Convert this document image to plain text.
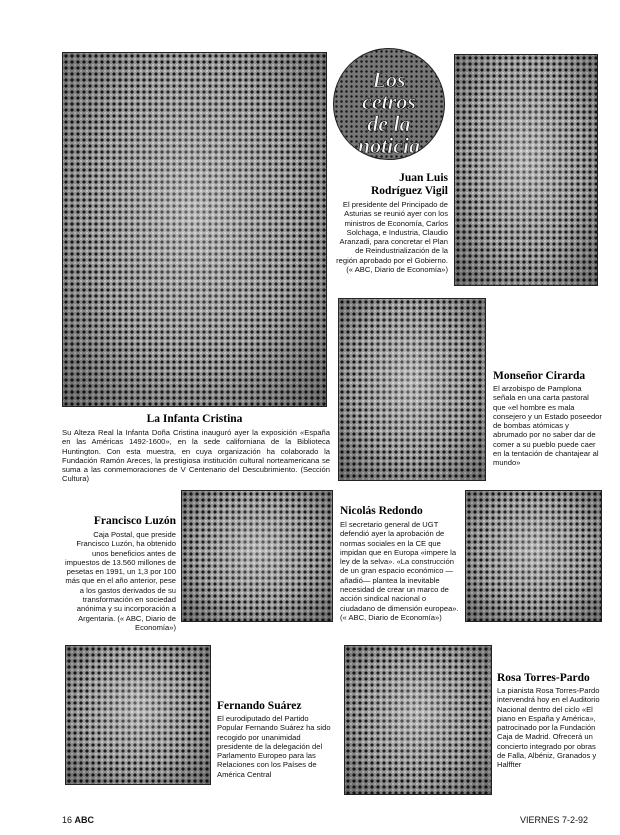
Los
cetros
de la
noticia
La Infanta Cristina
Su Alteza Real la Infanta Doña Cristina inauguró ayer la exposición «España en las Américas 1492-1600», en la sede californiana de la Biblioteca Huntington. Con esta muestra, en cuya organización ha colaborado la Fundación Ramón Areces, la prestigiosa institución cultural norteamericana se suma a las conmemoraciones de V Centenario del Descubrimiento. (Sección Cultura)
Juan Luis
Rodríguez Vigil
El presidente del Principado de Asturias se reunió ayer con los ministros de Economía, Carlos Solchaga, e Industria, Claudio Aranzadi, para concretar el Plan de Reindustrialización de la región aprobado por el Gobierno. (« ABC, Diario de Economía»)
Monseñor Cirarda
El arzobispo de Pamplona señala en una carta pastoral que «el hombre es mala consejero y un Estado poseedor de bombas atómicas y abrumado por no saber dar de comer a su pueblo puede caer en la tentación de chantajear al mundo»
Francisco Luzón
Caja Postal, que preside Francisco Luzón, ha obtenido unos beneficios antes de impuestos de 13.560 millones de pesetas en 1991, un 1,3 por 100 más que en el año anterior, pese a los gastos derivados de su transformación en sociedad anónima y su incorporación a Argentaria. (« ABC, Diario de Economía»)
Nicolás Redondo
El secretario general de UGT defendió ayer la aprobación de normas sociales en la CE que impidan que en Europa «impere la ley de la selva». «La construcción de un gran espacio económico —añadió— plantea la inevitable necesidad de crear un marco de acción sindical nacional o ciudadano de dimensión europea». (« ABC, Diario de Economía»)
Fernando Suárez
El eurodiputado del Partido Popular Fernando Suárez ha sido recogido por unanimidad presidente de la delegación del Parlamento Europeo para las Relaciones con los Países de América Central
Rosa Torres-Pardo
La pianista Rosa Torres-Pardo intervendrá hoy en el Auditorio Nacional dentro del ciclo «El piano en España y América», patrocinado por la Fundación Caja de Madrid. Ofrecerá un concierto integrado por obras de Falla, Albéniz, Granados y Halffter
16 ABC	VIERNES 7-2-92
